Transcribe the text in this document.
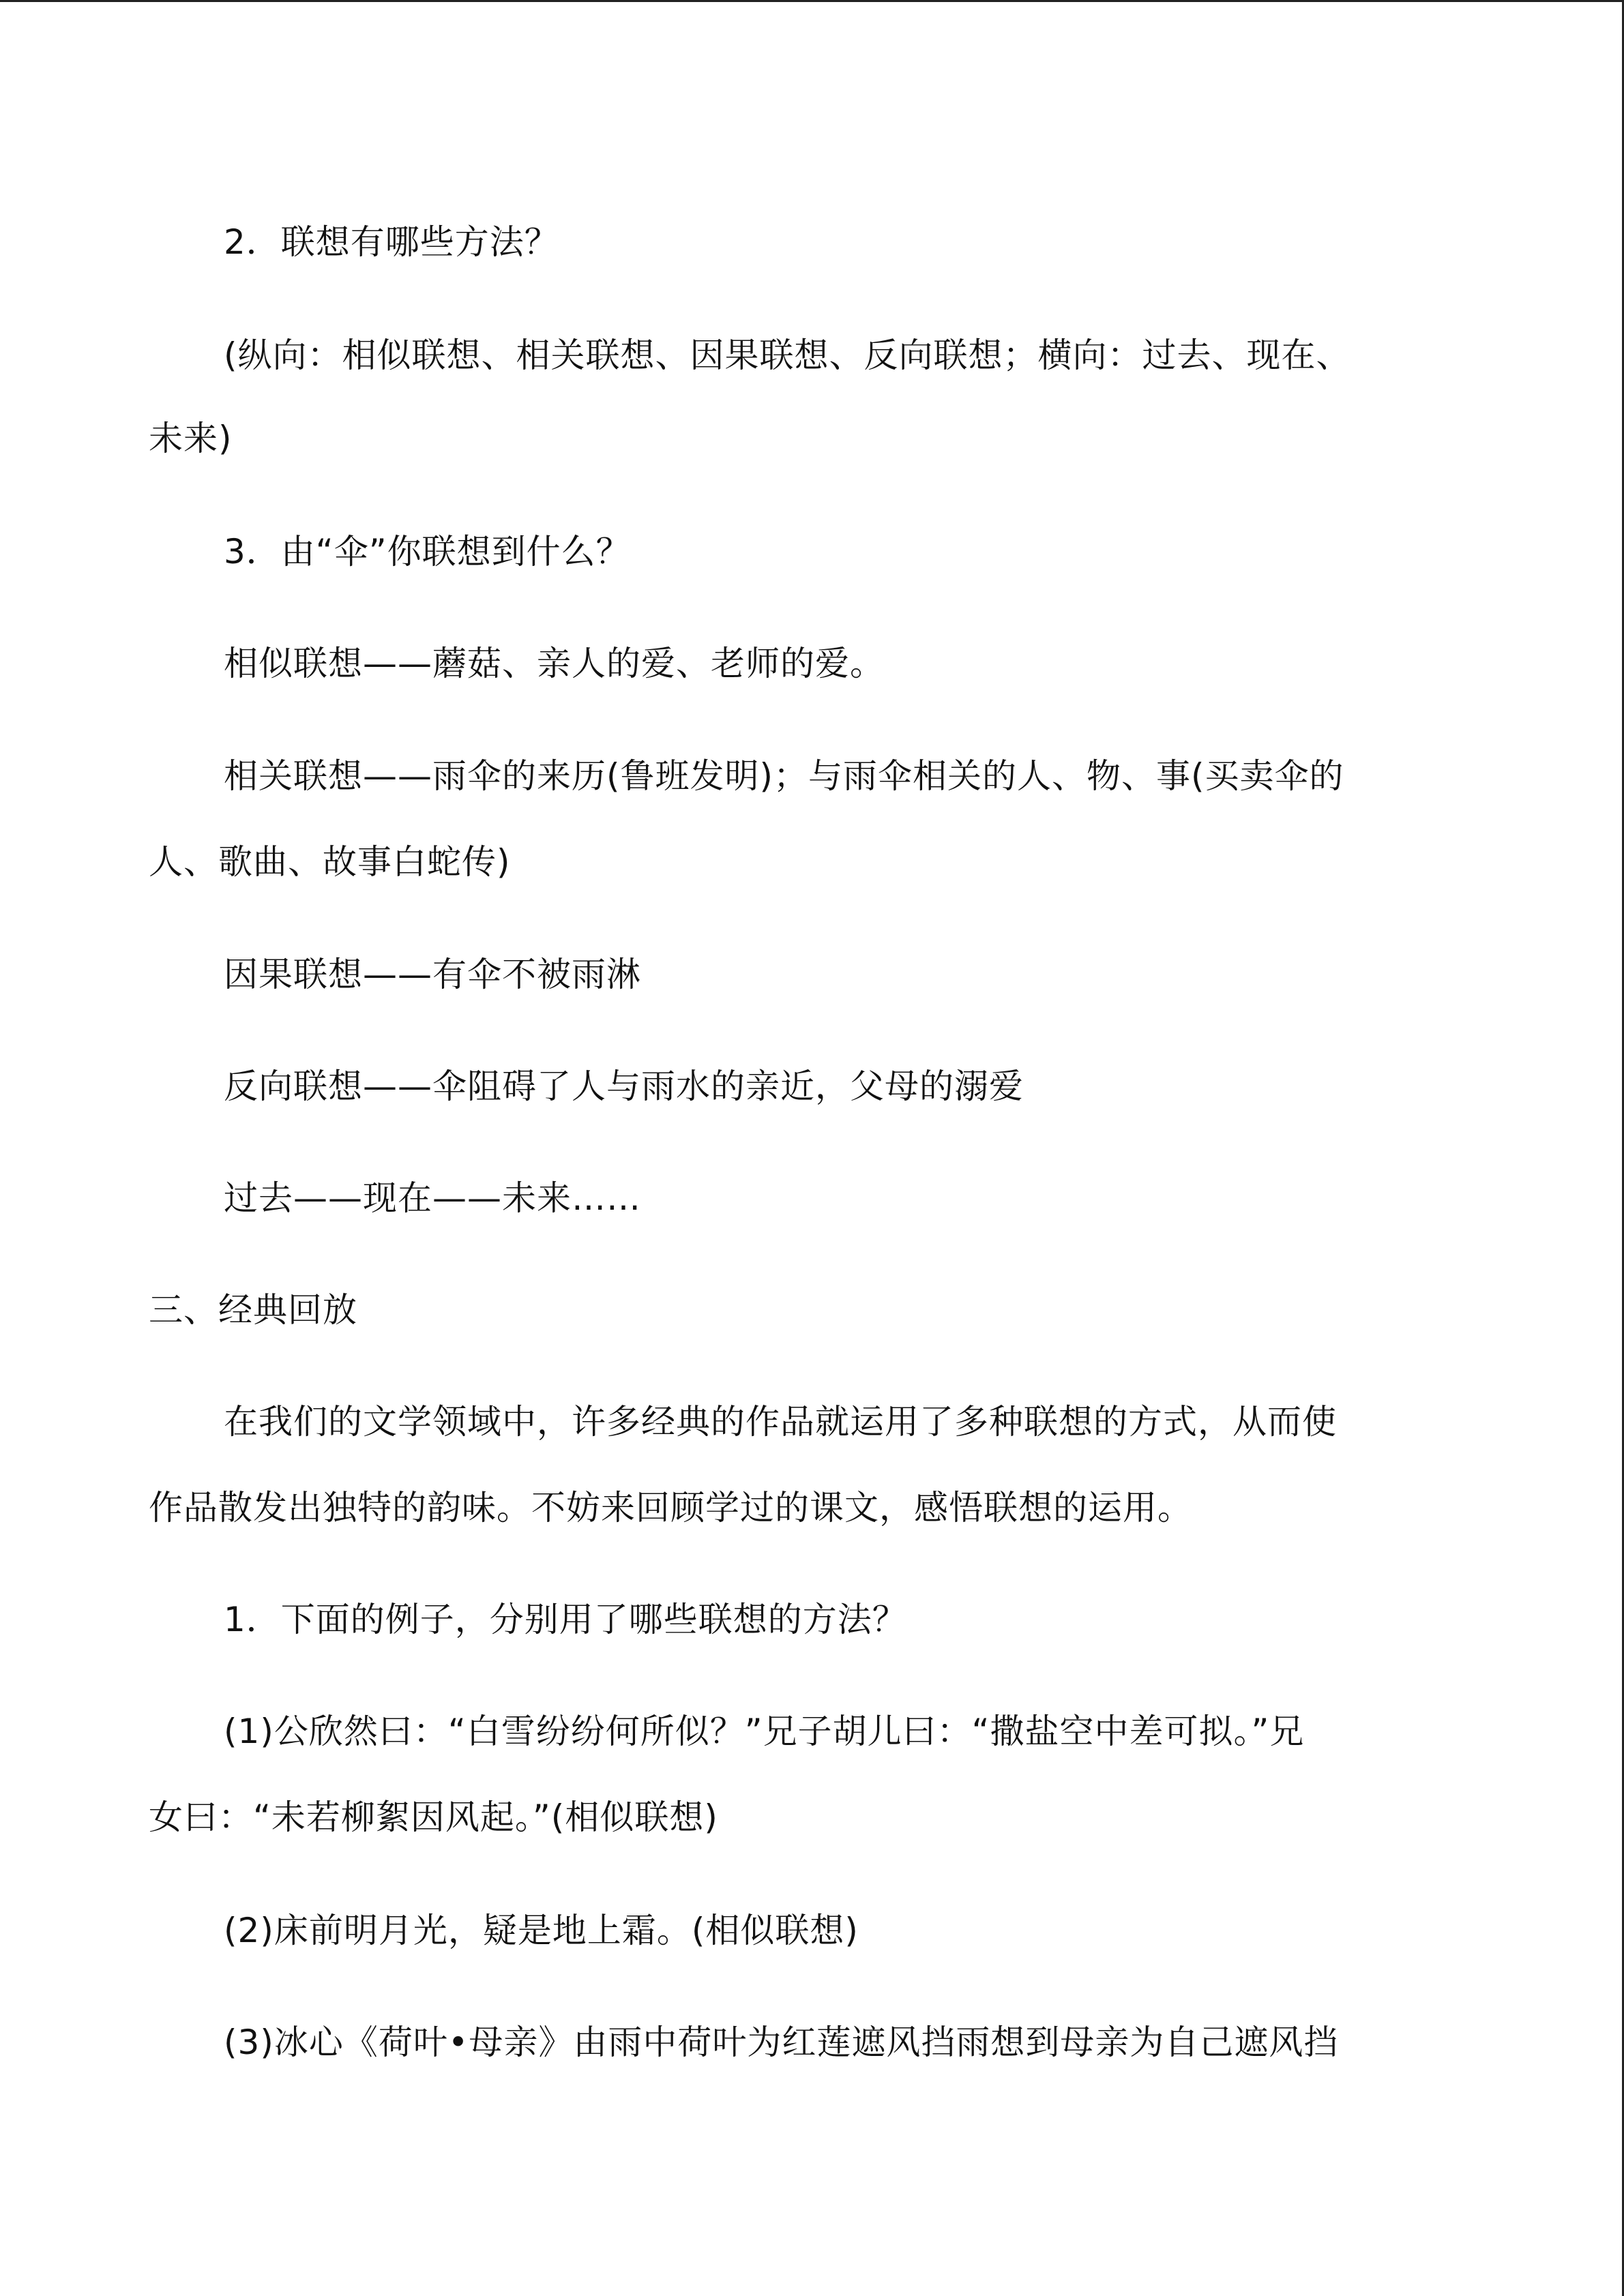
2．联想有哪些方法？
(纵向：相似联想、相关联想、因果联想、反向联想；横向：过去、现在、
未来)
3．由“伞”你联想到什么？
相似联想——蘑菇、亲人的爱、老师的爱。
相关联想——雨伞的来历(鲁班发明)；与雨伞相关的人、物、事(买卖伞的
人、歌曲、故事白蛇传)
因果联想——有伞不被雨淋
反向联想——伞阻碍了人与雨水的亲近，父母的溺爱
过去——现在——未来……
三、经典回放
在我们的文学领域中，许多经典的作品就运用了多种联想的方式，从而使
作品散发出独特的韵味。不妨来回顾学过的课文，感悟联想的运用。
1．下面的例子，分别用了哪些联想的方法？
(1)公欣然曰：“白雪纷纷何所似？”兄子胡儿曰：“撒盐空中差可拟。”兄
女曰：“未若柳絮因风起。”(相似联想)
(2)床前明月光，疑是地上霜。(相似联想)
(3)冰心《荷叶•母亲》由雨中荷叶为红莲遮风挡雨想到母亲为自己遮风挡
